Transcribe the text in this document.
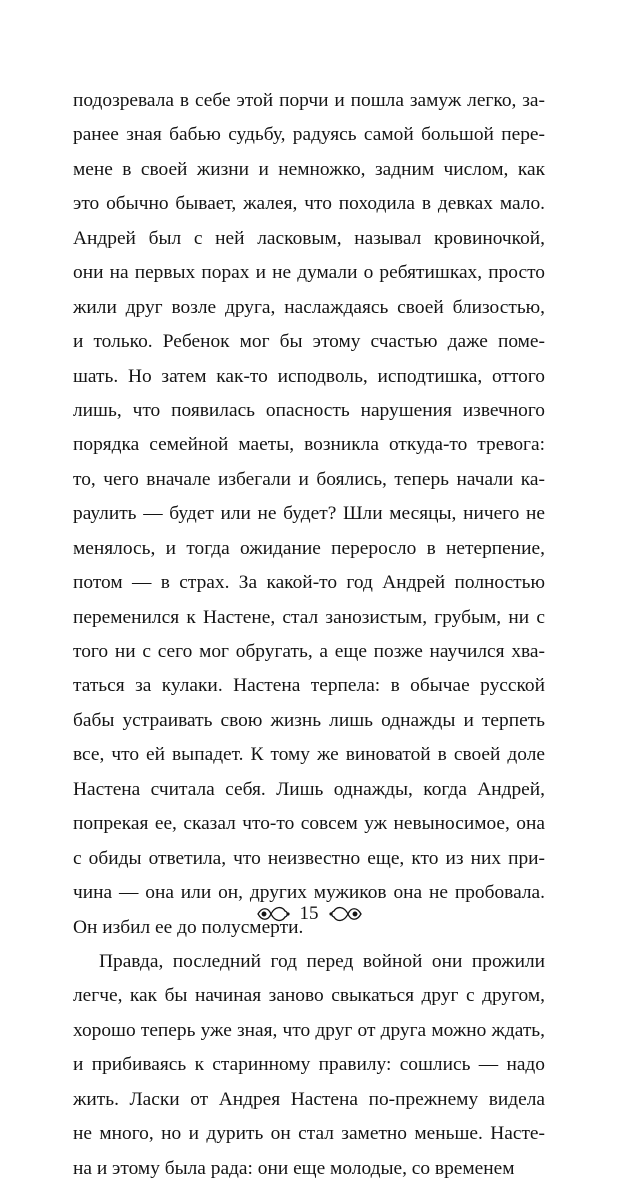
подозревала в себе этой порчи и пошла замуж легко, за-
ранее зная бабью судьбу, радуясь самой большой пере-
мене в своей жизни и немножко, задним числом, как
это обычно бывает, жалея, что походила в девках мало.
Андрей был с ней ласковым, называл кровиночкой,
они на первых порах и не думали о ребятишках, просто
жили друг возле друга, наслаждаясь своей близостью,
и только. Ребенок мог бы этому счастью даже поме-
шать. Но затем как-то исподволь, исподтишка, оттого
лишь, что появилась опасность нарушения извечного
порядка семейной маеты, возникла откуда-то тревога:
то, чего вначале избегали и боялись, теперь начали ка-
раулить — будет или не будет? Шли месяцы, ничего не
менялось, и тогда ожидание переросло в нетерпение,
потом — в страх. За какой-то год Андрей полностью
переменился к Настене, стал занозистым, грубым, ни с
того ни с сего мог обругать, а еще позже научился хва-
таться за кулаки. Настена терпела: в обычае русской
бабы устраивать свою жизнь лишь однажды и терпеть
все, что ей выпадет. К тому же виноватой в своей доле
Настена считала себя. Лишь однажды, когда Андрей,
попрекая ее, сказал что-то совсем уж невыносимое, она
с обиды ответила, что неизвестно еще, кто из них при-
чина — она или он, других мужиков она не пробовала.
Он избил ее до полусмерти.
Правда, последний год перед войной они прожили
легче, как бы начиная заново свыкаться друг с другом,
хорошо теперь уже зная, что друг от друга можно ждать,
и прибиваясь к старинному правилу: сошлись — надо
жить. Ласки от Андрея Настена по-прежнему видела
не много, но и дурить он стал заметно меньше. Насте-
на и этому была рада: они еще молодые, со временем
15
